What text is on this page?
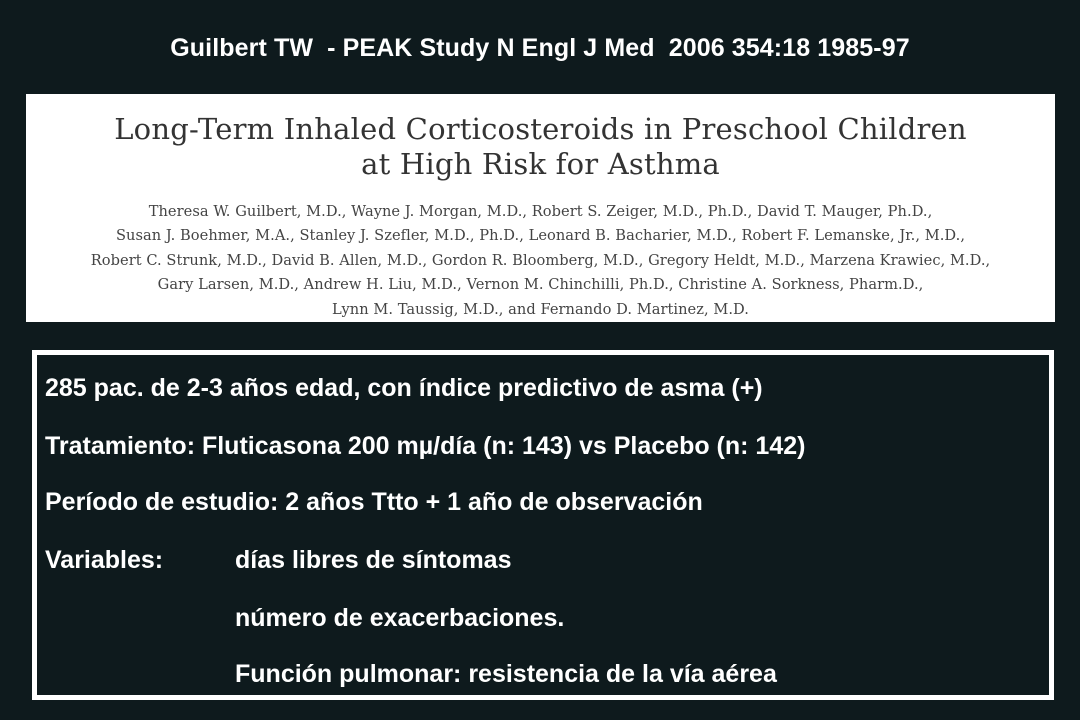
Guilbert TW  - PEAK Study N Engl J Med  2006 354:18 1985-97
Long-Term Inhaled Corticosteroids in Preschool Children
at High Risk for Asthma
Theresa W. Guilbert, M.D., Wayne J. Morgan, M.D., Robert S. Zeiger, M.D., Ph.D., David T. Mauger, Ph.D.,
Susan J. Boehmer, M.A., Stanley J. Szefler, M.D., Ph.D., Leonard B. Bacharier, M.D., Robert F. Lemanske, Jr., M.D.,
Robert C. Strunk, M.D., David B. Allen, M.D., Gordon R. Bloomberg, M.D., Gregory Heldt, M.D., Marzena Krawiec, M.D.,
Gary Larsen, M.D., Andrew H. Liu, M.D., Vernon M. Chinchilli, Ph.D., Christine A. Sorkness, Pharm.D.,
Lynn M. Taussig, M.D., and Fernando D. Martinez, M.D.
285 pac. de 2-3 años edad, con índice predictivo de asma (+)
Tratamiento: Fluticasona 200 mµ/día (n: 143) vs Placebo (n: 142)
Período de estudio: 2 años Ttto + 1 año de observación
Variables:	días libres de síntomas
número de exacerbaciones.
Función pulmonar: resistencia de la vía aérea
